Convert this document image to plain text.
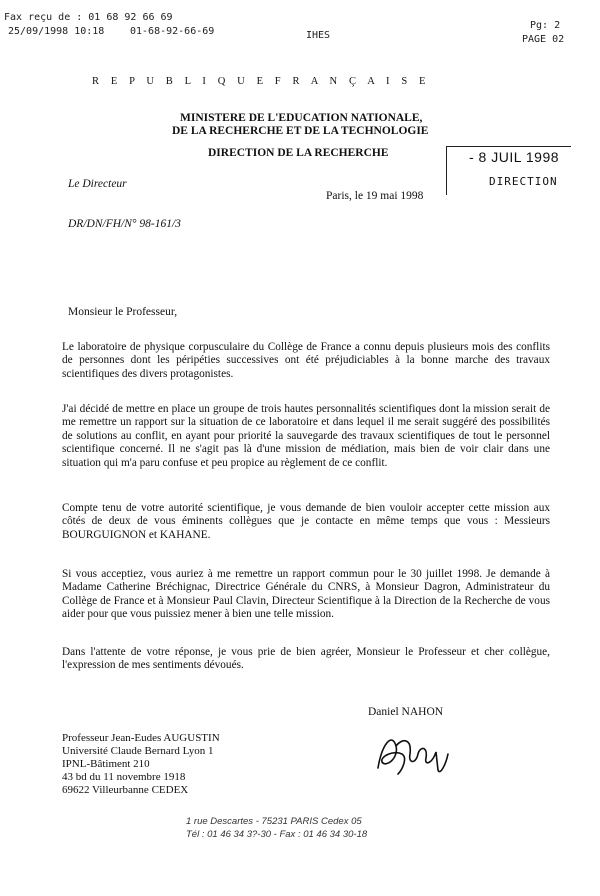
Fax reçu de : 01 68 92 66 69
25/09/1998 10:18	01-68-92-66-69	IHES
Pg: 2
PAGE 02
R E P U B L I Q U E F R A N Ç A I S E
MINISTERE DE L'EDUCATION NATIONALE,
DE LA RECHERCHE ET DE LA TECHNOLOGIE
DIRECTION DE LA RECHERCHE	- 8 JUIL 1998
DIRECTION
Le Directeur
Paris, le 19 mai 1998
DR/DN/FH/N° 98-161/3
Monsieur le Professeur,
Le laboratoire de physique corpusculaire du Collège de France a connu depuis plusieurs mois des conflits de personnes dont les péripéties successives ont été préjudiciables à la bonne marche des travaux scientifiques des divers protagonistes.
J'ai décidé de mettre en place un groupe de trois hautes personnalités scientifiques dont la mission serait de me remettre un rapport sur la situation de ce laboratoire et dans lequel il me serait suggéré des possibilités de solutions au conflit, en ayant pour priorité la sauvegarde des travaux scientifiques de tout le personnel scientifique concerné. Il ne s'agit pas là d'une mission de médiation, mais bien de voir clair dans une situation qui m'a paru confuse et peu propice au règlement de ce conflit.
Compte tenu de votre autorité scientifique, je vous demande de bien vouloir accepter cette mission aux côtés de deux de vous éminents collègues que je contacte en même temps que vous : Messieurs BOURGUIGNON et KAHANE.
Si vous acceptiez, vous auriez à me remettre un rapport commun pour le 30 juillet 1998. Je demande à Madame Catherine Bréchignac, Directrice Générale du CNRS, à Monsieur Dagron, Administrateur du Collège de France et à Monsieur Paul Clavin, Directeur Scientifique à la Direction de la Recherche de vous aider pour que vous puissiez mener à bien une telle mission.
Dans l'attente de votre réponse, je vous prie de bien agréer, Monsieur le Professeur et cher collègue, l'expression de mes sentiments dévoués.
Daniel NAHON
Professeur Jean-Eudes AUGUSTIN
Université Claude Bernard Lyon 1
IPNL-Bâtiment 210
43 bd du 11 novembre 1918
69622 Villeurbanne CEDEX
1 rue Descartes - 75231 PARIS Cedex 05
Tél : 01 46 34 3?-30 - Fax : 01 46 34 30-18
